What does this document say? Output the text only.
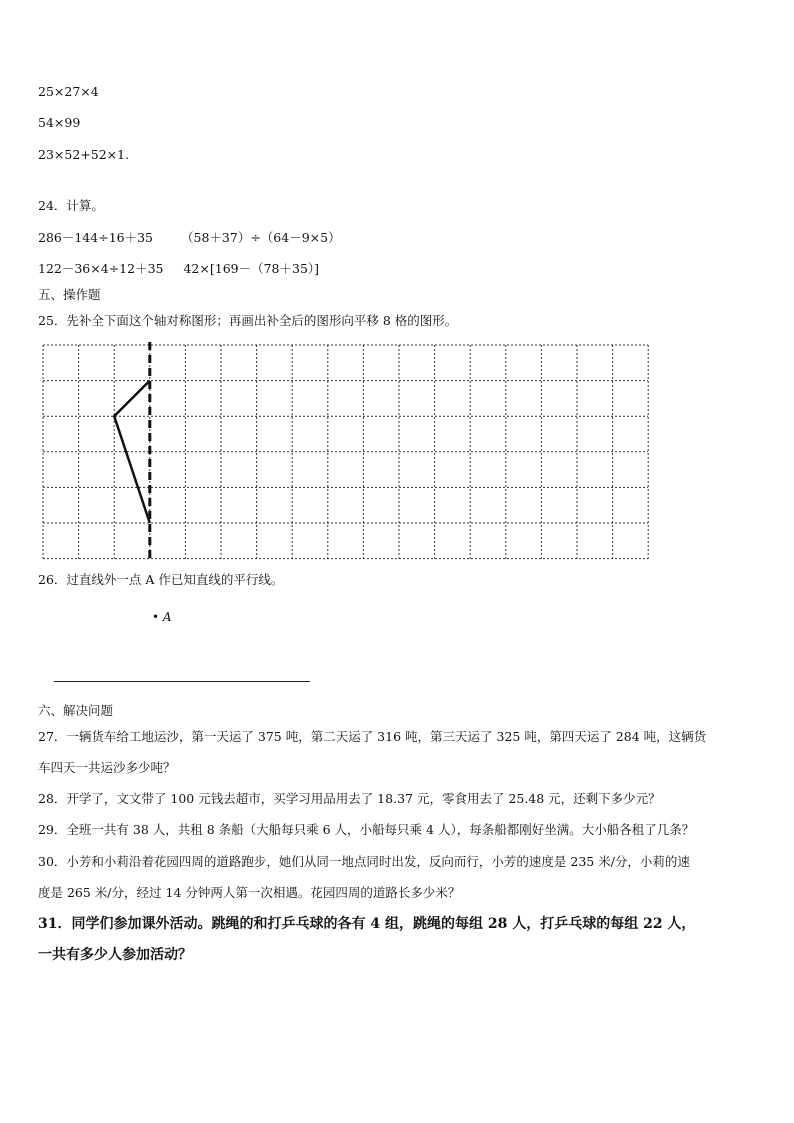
25×27×4
54×99
23×52+52×1.
24．计算。
286－144÷16＋35 （58＋37）÷（64－9×5）
122－36×4÷12＋35 42×[169－（78＋35）]
五、操作题
25．先补全下面这个轴对称图形；再画出补全后的图形向平移 8 格的图形。
26．过直线外一点 A 作已知直线的平行线。
• A
六、解决问题
27．一辆货车给工地运沙，第一天运了 375 吨，第二天运了 316 吨，第三天运了 325 吨，第四天运了 284 吨，这辆货
车四天一共运沙多少吨？
28．开学了，文文带了 100 元钱去超市，买学习用品用去了 18.37 元，零食用去了 25.48 元，还剩下多少元？
29．全班一共有 38 人，共租 8 条船（大船每只乘 6 人，小船每只乘 4 人），每条船都刚好坐满。大小船各租了几条？
30．小芳和小莉沿着花园四周的道路跑步，她们从同一地点同时出发，反向而行，小芳的速度是 235 米/分，小莉的速
度是 265 米/分，经过 14 分钟两人第一次相遇。花园四周的道路长多少米？
31．同学们参加课外活动。跳绳的和打乒乓球的各有 4 组，跳绳的每组 28 人，打乒乓球的每组 22 人，
一共有多少人参加活动？
